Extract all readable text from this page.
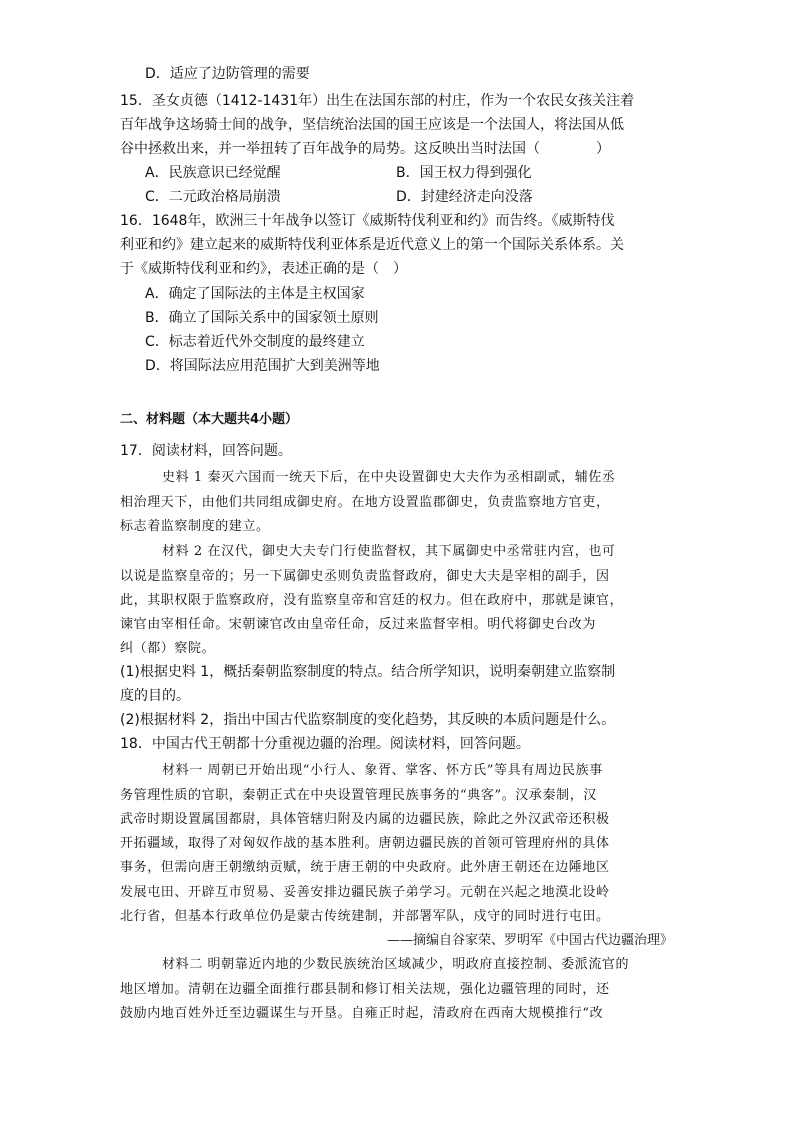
D．适应了边防管理的需要
15．圣女贞德（1412-1431年）出生在法国东部的村庄，作为一个农民女孩关注着
百年战争这场骑士间的战争，坚信统治法国的国王应该是一个法国人，将法国从低
谷中拯救出来，并一举扭转了百年战争的局势。这反映出当时法国（　　　　）
A．民族意识已经觉醒	B．国王权力得到强化
C．二元政治格局崩溃	D．封建经济走向没落
16．1648年，欧洲三十年战争以签订《威斯特伐利亚和约》而告终。《威斯特伐
利亚和约》建立起来的威斯特伐利亚体系是近代意义上的第一个国际关系体系。关
于《威斯特伐利亚和约》，表述正确的是（　）
A．确定了国际法的主体是主权国家
B．确立了国际关系中的国家领土原则
C．标志着近代外交制度的最终建立
D．将国际法应用范围扩大到美洲等地
二、材料题（本大题共4小题）
17．阅读材料，回答问题。
史料 1 秦灭六国而一统天下后，在中央设置御史大夫作为丞相副贰，辅佐丞
相治理天下，由他们共同组成御史府。在地方设置监郡御史，负责监察地方官吏，
标志着监察制度的建立。
材料 2 在汉代，御史大夫专门行使监督权，其下属御史中丞常驻内宫，也可
以说是监察皇帝的；另一下属御史丞则负责监督政府，御史大夫是宰相的副手，因
此，其职权限于监察政府，没有监察皇帝和宫廷的权力。但在政府中，那就是谏官，
谏官由宰相任命。宋朝谏官改由皇帝任命，反过来监督宰相。明代将御史台改为
纠（都）察院。
(1)根据史料 1，概括秦朝监察制度的特点。结合所学知识，说明秦朝建立监察制
度的目的。
(2)根据材料 2，指出中国古代监察制度的变化趋势，其反映的本质问题是什么。
18．中国古代王朝都十分重视边疆的治理。阅读材料，回答问题。
材料一 周朝已开始出现“小行人、象胥、掌客、怀方氏”等具有周边民族事
务管理性质的官职，秦朝正式在中央设置管理民族事务的“典客”。汉承秦制，汉
武帝时期设置属国都尉，具体管辖归附及内属的边疆民族，除此之外汉武帝还积极
开拓疆域，取得了对匈奴作战的基本胜利。唐朝边疆民族的首领可管理府州的具体
事务，但需向唐王朝缴纳贡赋，统于唐王朝的中央政府。此外唐王朝还在边陲地区
发展屯田、开辟互市贸易、妥善安排边疆民族子弟学习。元朝在兴起之地漠北设岭
北行省，但基本行政单位仍是蒙古传统建制，并部署军队，戍守的同时进行屯田。
——摘编自谷家荣、罗明军《中国古代边疆治理》
材料二 明朝靠近内地的少数民族统治区域减少，明政府直接控制、委派流官的
地区增加。清朝在边疆全面推行郡县制和修订相关法规，强化边疆管理的同时，还
鼓励内地百姓外迁至边疆谋生与开垦。自雍正时起，清政府在西南大规模推行“改
